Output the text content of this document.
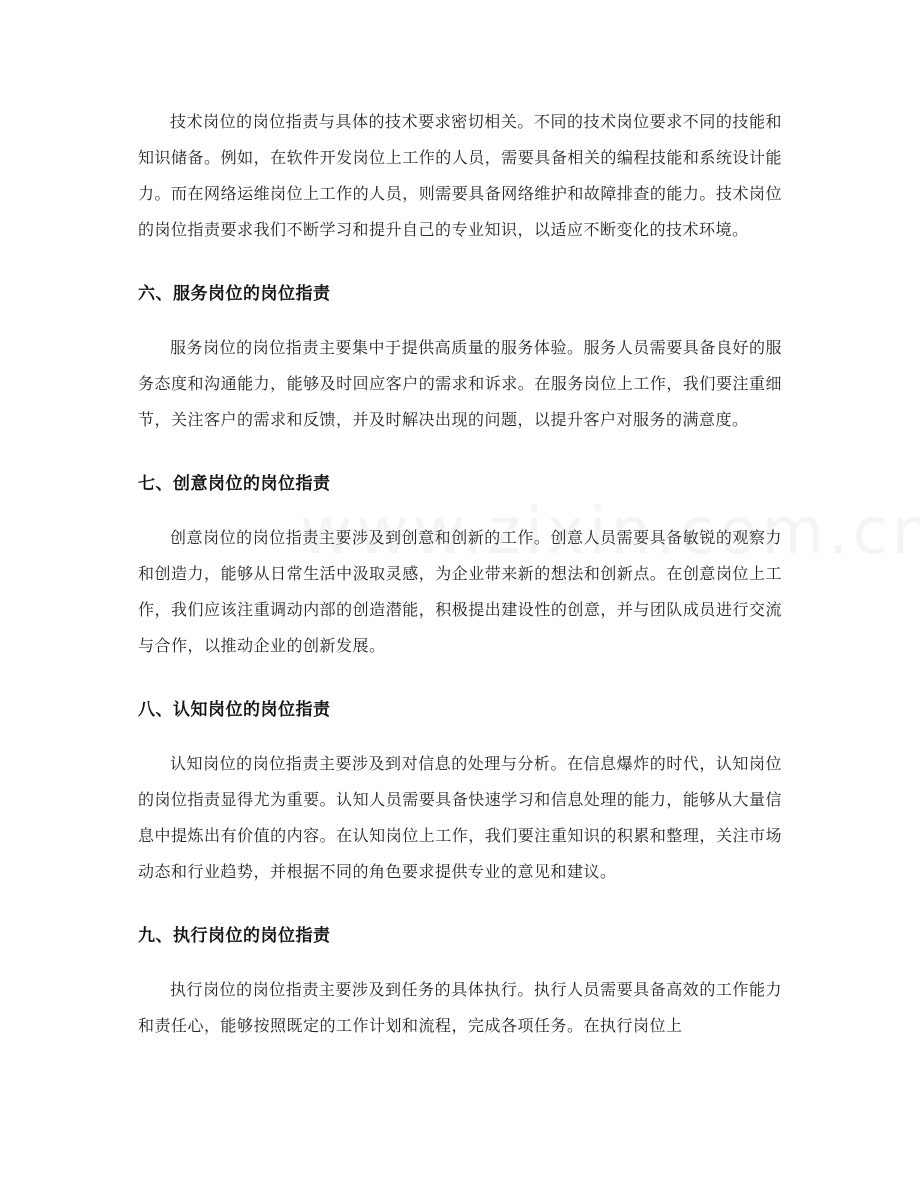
技术岗位的岗位指责与具体的技术要求密切相关。不同的技术岗位要求不同的技能和知识储备。例如，在软件开发岗位上工作的人员，需要具备相关的编程技能和系统设计能力。而在网络运维岗位上工作的人员，则需要具备网络维护和故障排查的能力。技术岗位的岗位指责要求我们不断学习和提升自己的专业知识，以适应不断变化的技术环境。

六、服务岗位的岗位指责

服务岗位的岗位指责主要集中于提供高质量的服务体验。服务人员需要具备良好的服务态度和沟通能力，能够及时回应客户的需求和诉求。在服务岗位上工作，我们要注重细节，关注客户的需求和反馈，并及时解决出现的问题，以提升客户对服务的满意度。

七、创意岗位的岗位指责

创意岗位的岗位指责主要涉及到创意和创新的工作。创意人员需要具备敏锐的观察力和创造力，能够从日常生活中汲取灵感，为企业带来新的想法和创新点。在创意岗位上工作，我们应该注重调动内部的创造潜能，积极提出建设性的创意，并与团队成员进行交流与合作，以推动企业的创新发展。

八、认知岗位的岗位指责

认知岗位的岗位指责主要涉及到对信息的处理与分析。在信息爆炸的时代，认知岗位的岗位指责显得尤为重要。认知人员需要具备快速学习和信息处理的能力，能够从大量信息中提炼出有价值的内容。在认知岗位上工作，我们要注重知识的积累和整理，关注市场动态和行业趋势，并根据不同的角色要求提供专业的意见和建议。

九、执行岗位的岗位指责

执行岗位的岗位指责主要涉及到任务的具体执行。执行人员需要具备高效的工作能力和责任心，能够按照既定的工作计划和流程，完成各项任务。在执行岗位上
